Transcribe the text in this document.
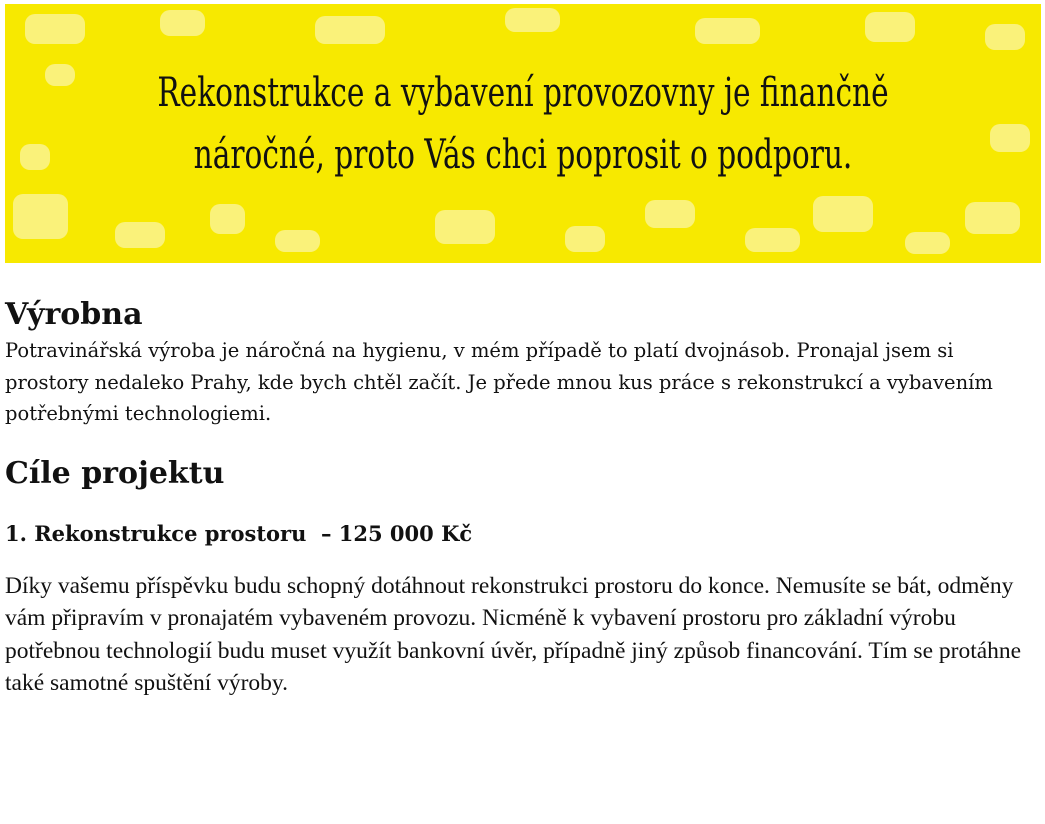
Rekonstrukce a vybavení provozovny je finančně
náročné, proto Vás chci poprosit o podporu.
Výrobna

Potravinářská výroba je náročná na hygienu, v mém případě to platí dvojnásob. Pronajal jsem si prostory nedaleko Prahy, kde bych chtěl začít. Je přede mnou kus práce s rekonstrukcí a vybavením potřebnými technologiemi.

Cíle projektu
1. Rekonstrukce prostoru  – 125 000 Kč

Díky vašemu příspěvku budu schopný dotáhnout rekonstrukci prostoru do konce. Nemusíte se bát, odměny vám připravím v pronajatém vybaveném provozu. Nicméně k vybavení prostoru pro základní výrobu potřebnou technologií budu muset využít bankovní úvěr, případně jiný způsob financování. Tím se protáhne také samotné spuštění výroby.
